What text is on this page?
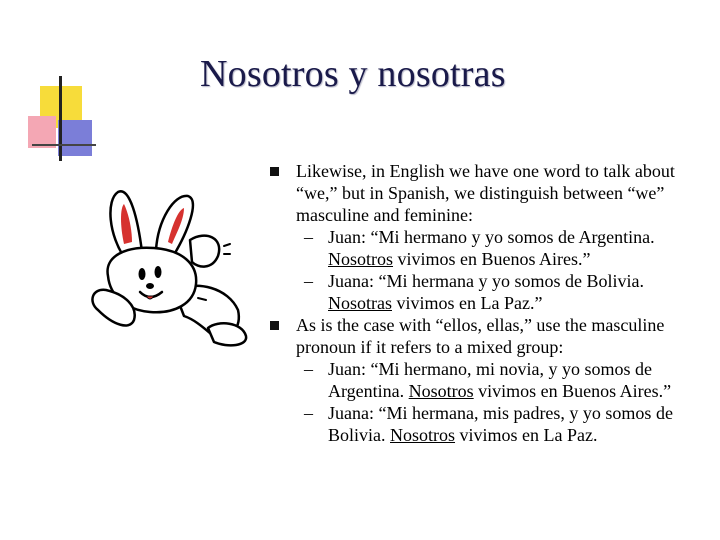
Nosotros y nosotras
Likewise, in English we have one word to talk about “we,” but in Spanish, we distinguish between “we” masculine and feminine:
– Juan: “Mi hermano y yo somos de Argentina. Nosotros vivimos en Buenos Aires.”
– Juana: “Mi hermana y yo somos de Bolivia. Nosotras vivimos en La Paz.”
As is the case with “ellos, ellas,” use the masculine pronoun if it refers to a mixed group:
– Juan: “Mi hermano, mi novia, y yo somos de Argentina. Nosotros vivimos en Buenos Aires.”
– Juana: “Mi hermana, mis padres, y yo somos de Bolivia. Nosotros vivimos en La Paz.
